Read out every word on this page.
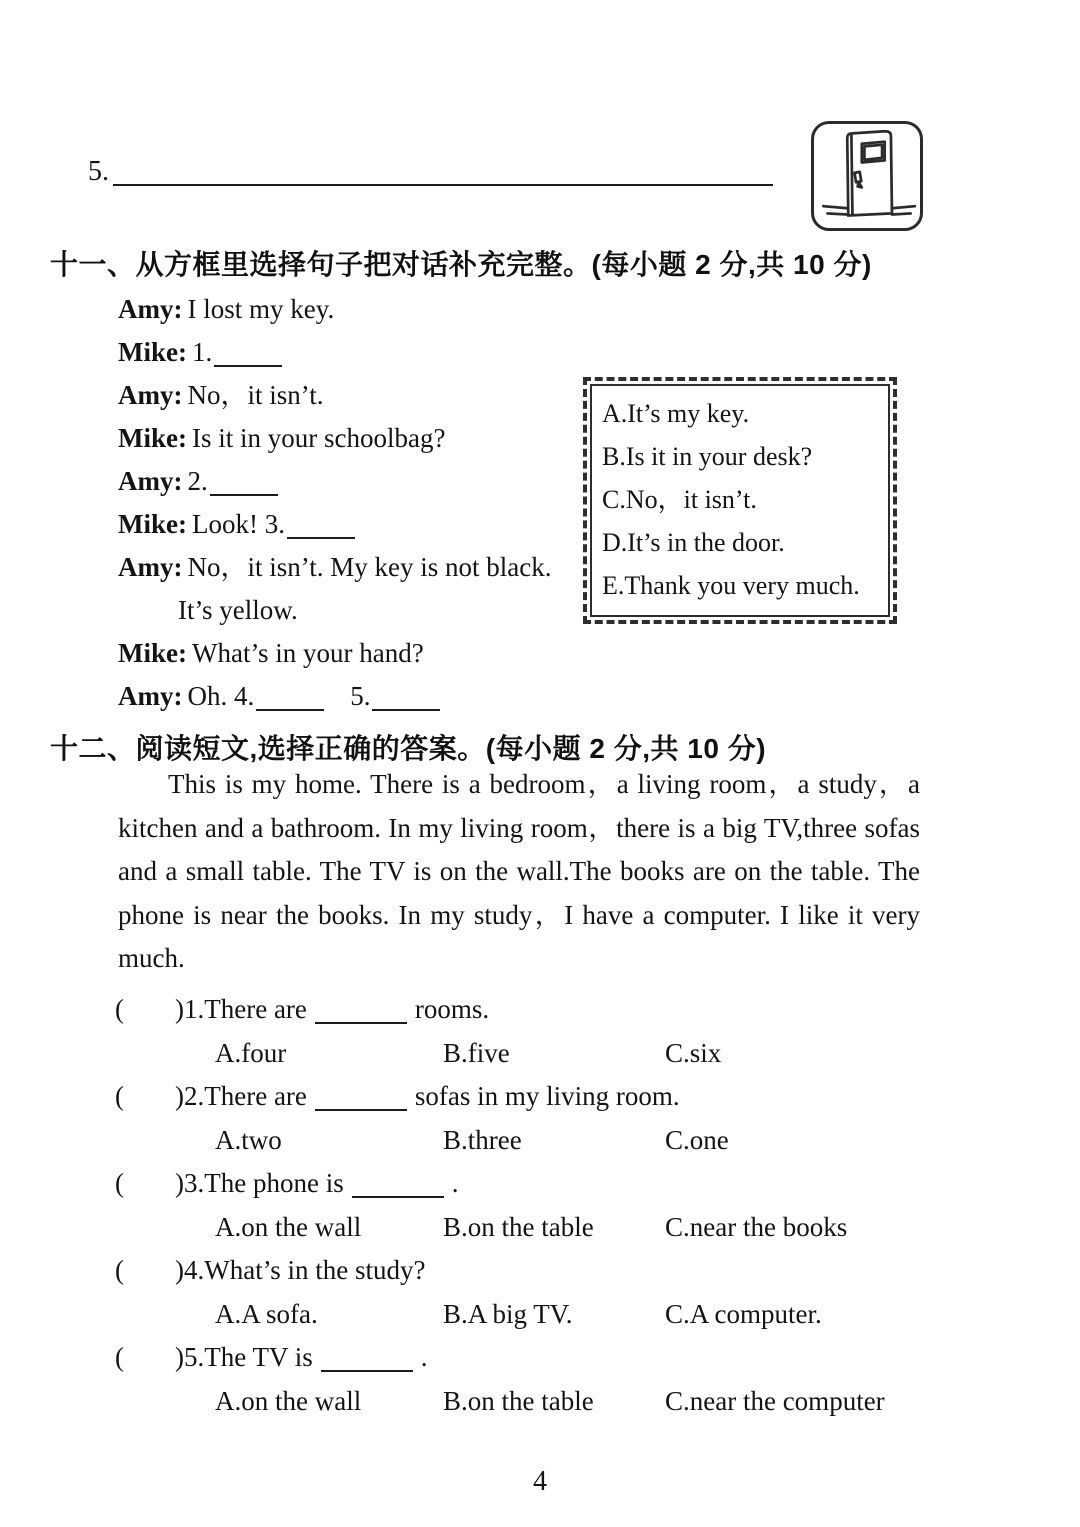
5.
十一、从方框里选择句子把对话补充完整。(每小题 2 分,共 10 分)
Amy: I lost my key.
Mike: 1.
Amy: No，it isn’t.
Mike: Is it in your schoolbag?
Amy: 2.
Mike: Look! 3.
Amy: No，it isn’t. My key is not black.
It’s yellow.
Mike: What’s in your hand?
Amy: Oh. 4.	5.
A.It’s my key.
B.Is it in your desk?
C.No，it isn’t.
D.It’s in the door.
E.Thank you very much.
十二、阅读短文,选择正确的答案。(每小题 2 分,共 10 分)

This is my home. There is a bedroom，a living room，a study，a kitchen and a bathroom. In my living room，there is a big TV,three sofas and a small table. The TV is on the wall.The books are on the table. The phone is near the books. In my study，I have a computer. I like it very much.

( )1.There are	rooms.
A.four	B.five	C.six
( )2.There are	sofas in my living room.
A.two	B.three	C.one
( )3.The phone is	.
A.on the wall	B.on the table	C.near the books
( )4.What’s in the study?
A.A sofa.	B.A big TV.	C.A computer.
( )5.The TV is	.
A.on the wall	B.on the table	C.near the computer
4
